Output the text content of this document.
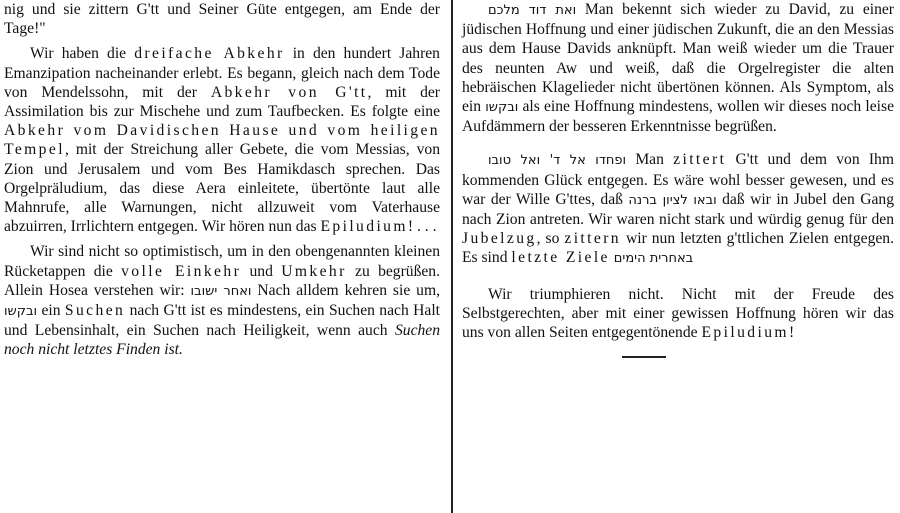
nig und sie zittern G'tt und Seiner Güte entgegen, am Ende der Tage!"

Wir haben die dreifache Abkehr in den hundert Jahren Emanzipation nacheinander erlebt. Es begann, gleich nach dem Tode von Mendelssohn, mit der Abkehr von G'tt, mit der Assimilation bis zur Mischehe und zum Taufbecken. Es folgte eine Abkehr vom Davidischen Hause und vom heiligen Tempel, mit der Streichung aller Gebete, die vom Messias, von Zion und Jerusalem und vom Bes Hamikdasch sprechen. Das Orgelpräludium, das diese Aera einleitete, übertönte laut alle Mahnrufe, alle Warnungen, nicht allzuweit vom Vaterhause abzuirren, Irrlichtern entgegen. Wir hören nun das Epiludium! . . .

Wir sind nicht so optimistisch, um in den obengenannten kleinen Rücketappen die volle Einkehr und Umkehr zu begrüßen. Allein Hosea verstehen wir: ואחר ישובו Nach alldem kehren sie um, ובקשו ein Suchen nach G'tt ist es mindestens, ein Suchen nach Halt und Lebensinhalt, ein Suchen nach Heiligkeit, wenn auch Suchen noch nicht letztes Finden ist.

ואת דוד מלכם Man bekennt sich wieder zu David, zu einer jüdischen Hoffnung und einer jüdischen Zukunft, die an den Messias aus dem Hause Davids anknüpft. Man weiß wieder um die Trauer des neunten Aw und weiß, daß die Orgelregister die alten hebräischen Klagelieder nicht übertönen können. Als Symptom, als ein ובקשו als eine Hoffnung mindestens, wollen wir dieses noch leise Aufdämmern der besseren Erkenntnisse begrüßen.

ופחדו אל ד' ואל טובו Man zittert G'tt und dem von Ihm kommenden Glück entgegen. Es wäre wohl besser gewesen, und es war der Wille G'ttes, daß ובאו לציון ברנה daß wir in Jubel den Gang nach Zion antreten. Wir waren nicht stark und würdig genug für den Jubelzug, so zittern wir nun letzten g'ttlichen Zielen entgegen. Es sind letzte Ziele באחרית הימים

Wir triumphieren nicht. Nicht mit der Freude des Selbstgerechten, aber mit einer gewissen Hoffnung hören wir das uns von allen Seiten entgegentönende Epiludium!
